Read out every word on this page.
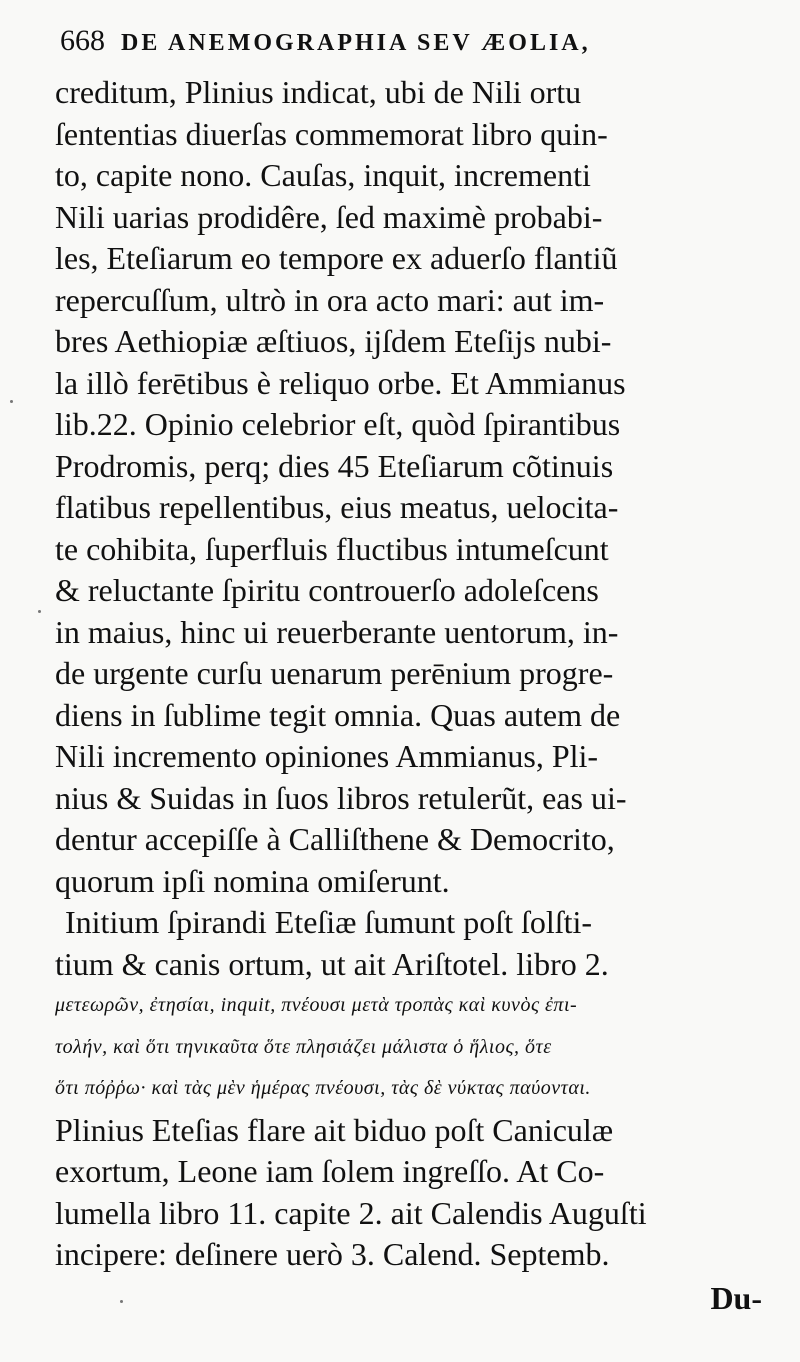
668 DE ANEMOGRAPHIA SEV ÆOLIA,
creditum, Plinius indicat, ubi de Nili ortu
ſententias diuerſas commemorat libro quin-
to, capite nono. Cauſas, inquit, incrementi
Nili uarias prodidêre, ſed maximè probabi-
les, Eteſiarum eo tempore ex aduerſo flantiũ
repercuſſum, ultrò in ora acto mari: aut im-
bres Aethiopiæ æſtiuos, ijſdem Eteſijs nubi-
la illò ferētibus è reliquo orbe. Et Ammianus
lib.22. Opinio celebrior eſt, quòd ſpirantibus
Prodromis, perq; dies 45 Eteſiarum cõtinuis
flatibus repellentibus, eius meatus, uelocita-
te cohibita, ſuperfluis fluctibus intumeſcunt
& reluctante ſpiritu controuerſo adoleſcens
in maius, hinc ui reuerberante uentorum, in-
de urgente curſu uenarum perēnium progre-
diens in ſublime tegit omnia. Quas autem de
Nili incremento opiniones Ammianus, Pli-
nius & Suidas in ſuos libros retulerũt, eas ui-
dentur accepiſſe à Calliſthene & Democrito,
quorum ipſi nomina omiſerunt.
Initium ſpirandi Eteſiæ ſumunt poſt ſolſti-
tium & canis ortum, ut ait Ariſtotel. libro 2.
μετεωρῶν, ἐτησίαι, inquit, πνέουσι μετὰ τροπὰς καὶ κυνὸς ἐπι-
τολήν, καὶ ὅτι τηνικαῦτα ὅτε πλησιάζει μάλιστα ὁ ἥλιος, ὅτε
ὅτι πόῤῥω· καὶ τὰς μὲν ἡμέρας πνέουσι, τὰς δὲ νύκτας παύονται.
Plinius Eteſias flare ait biduo poſt Caniculæ
exortum, Leone iam ſolem ingreſſo. At Co-
lumella libro 11. capite 2. ait Calendis Auguſti
incipere: deſinere uerò 3. Calend. Septemb.
Du-
